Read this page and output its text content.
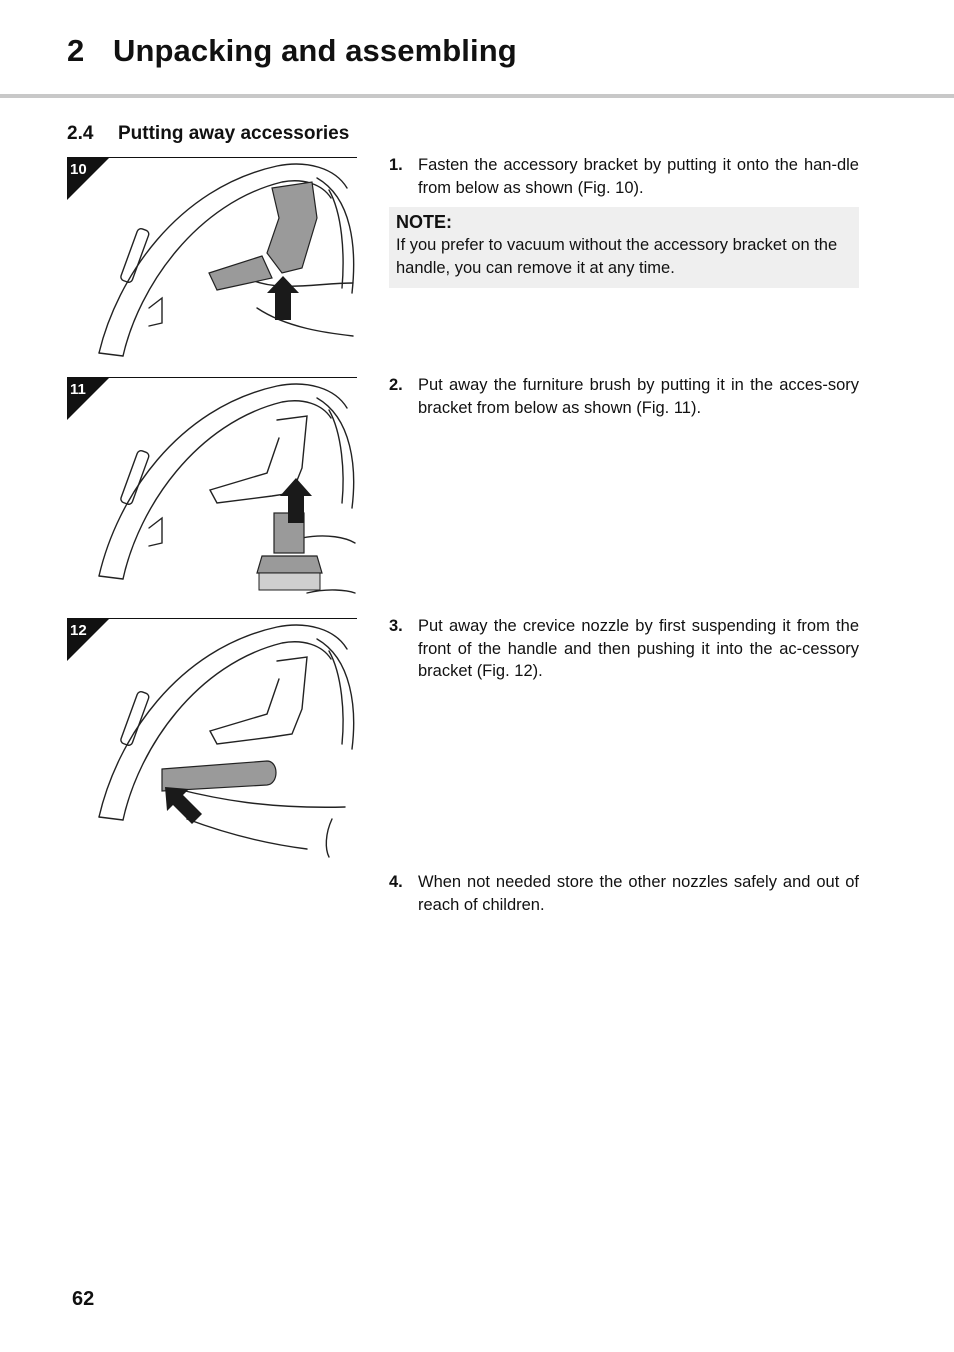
2 Unpacking and assembling
2.4 Putting away accessories
10
11
12
1. Fasten the accessory bracket by putting it onto the han-dle from below as shown (Fig. 10).
NOTE:
If you prefer to vacuum without the accessory bracket on the handle, you can remove it at any time.
2. Put away the furniture brush by putting it in the acces-sory bracket from below as shown (Fig. 11).
3. Put away the crevice nozzle by first suspending it from the front of the handle and then pushing it into the ac-cessory bracket (Fig. 12).
4. When not needed store the other nozzles safely and out of reach of children.
62
